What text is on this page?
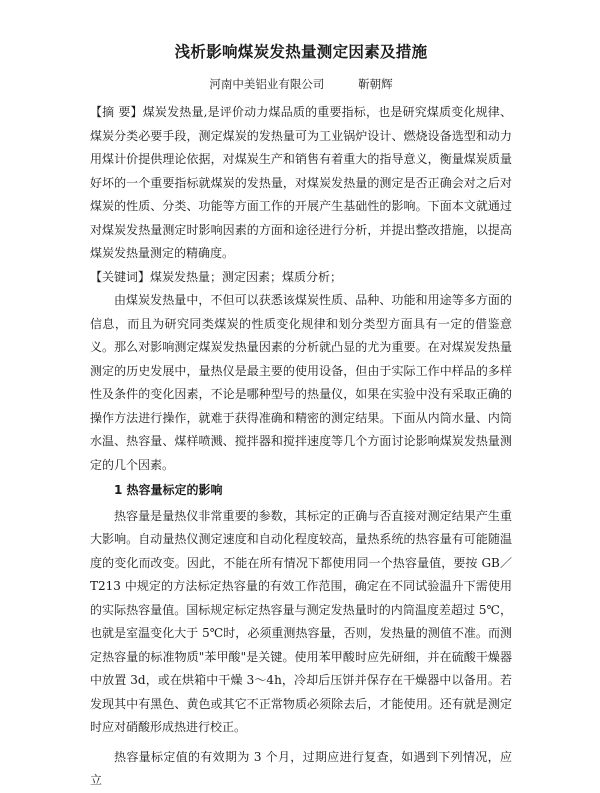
浅析影响煤炭发热量测定因素及措施
河南中美铝业有限公司	靳朝辉

【摘 要】煤炭发热量,是评价动力煤品质的重要指标，也是研究煤质变化规律、煤炭分类必要手段，测定煤炭的发热量可为工业锅炉设计、燃烧设备选型和动力用煤计价提供理论依据，对煤炭生产和销售有着重大的指导意义，衡量煤炭质量好坏的一个重要指标就煤炭的发热量，对煤炭发热量的测定是否正确会对之后对煤炭的性质、分类、功能等方面工作的开展产生基础性的影响。下面本文就通过对煤炭发热量测定时影响因素的方面和途径进行分析，并提出整改措施，以提高煤炭发热量测定的精确度。

【关键词】煤炭发热量；测定因素；煤质分析；

由煤炭发热量中，不但可以获悉该煤炭性质、品种、功能和用途等多方面的信息，而且为研究同类煤炭的性质变化规律和划分类型方面具有一定的借鉴意义。那么对影响测定煤炭发热量因素的分析就凸显的尤为重要。在对煤炭发热量测定的历史发展中，量热仪是最主要的使用设备，但由于实际工作中样品的多样性及条件的变化因素，不论是哪种型号的热量仪，如果在实验中没有采取正确的操作方法进行操作，就难于获得准确和精密的测定结果。下面从内筒水量、内筒水温、热容量、煤样喷溅、搅拌器和搅拌速度等几个方面讨论影响煤炭发热量测定的几个因素。

1 热容量标定的影响

热容量是量热仪非常重要的参数，其标定的正确与否直接对测定结果产生重大影响。自动量热仪测定速度和自动化程度较高，量热系统的热容量有可能随温度的变化而改变。因此，不能在所有情况下都使用同一个热容量值，要按 GB／T213 中规定的方法标定热容量的有效工作范围，确定在不同试验温升下需使用的实际热容量值。国标规定标定热容量与测定发热量时的内筒温度差超过 5℃，也就是室温变化大于 5℃时，必须重测热容量，否则，发热量的测值不准。而测定热容量的标准物质"苯甲酸"是关键。使用苯甲酸时应先研细，并在硫酸干燥器中放置 3d，或在烘箱中干燥 3～4h，冷却后压饼并保存在干燥器中以备用。若发现其中有黑色、黄色或其它不正常物质必须除去后，才能使用。还有就是测定时应对硝酸形成热进行校正。

热容量标定值的有效期为 3 个月，过期应进行复查，如遇到下列情况，应立
